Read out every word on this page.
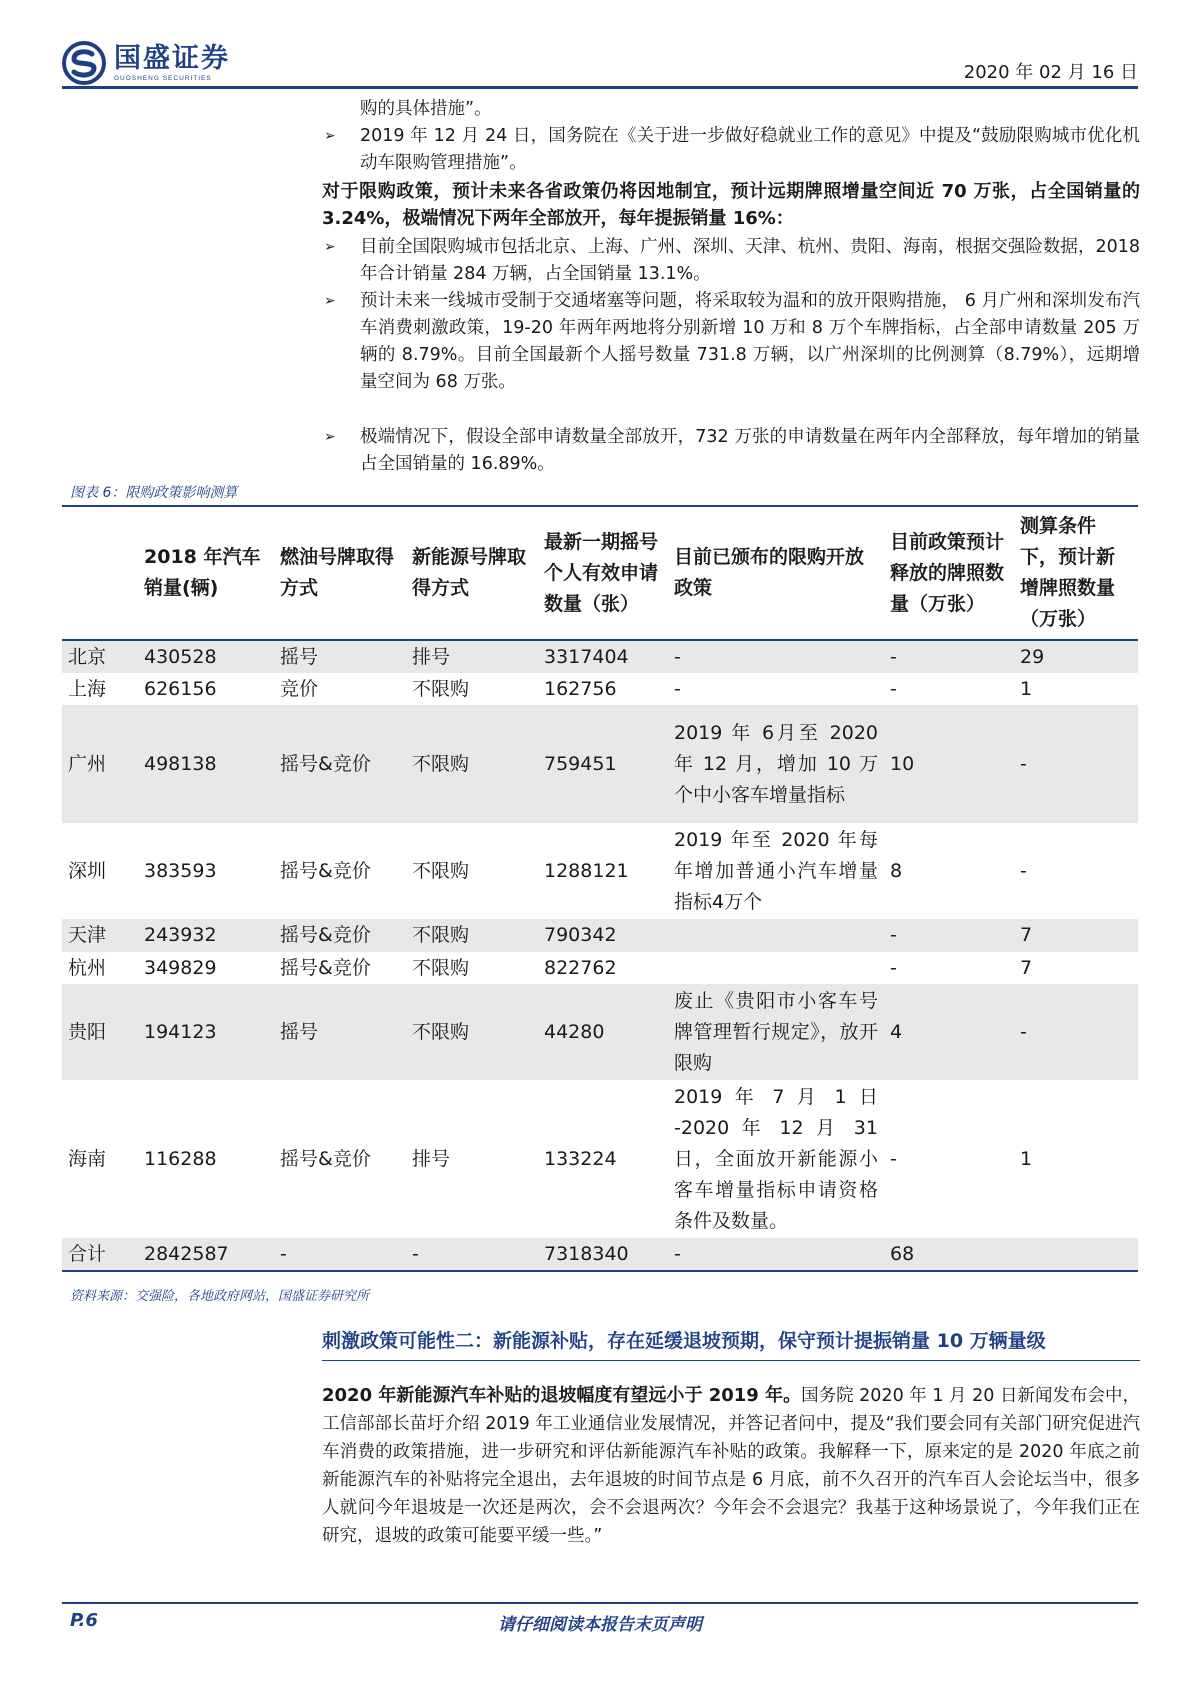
国盛证券
GUOSHENG SECURITIES	2020 年 02 月 16 日
购的具体措施”。
➢ 2019 年 12 月 24 日，国务院在《关于进一步做好稳就业工作的意见》中提及“鼓励限购城市优化机动车限购管理措施”。
对于限购政策，预计未来各省政策仍将因地制宜，预计远期牌照增量空间近 70 万张，占全国销量的 3.24%，极端情况下两年全部放开，每年提振销量 16%：
➢ 目前全国限购城市包括北京、上海、广州、深圳、天津、杭州、贵阳、海南，根据交强险数据，2018 年合计销量 284 万辆，占全国销量 13.1%。
➢ 预计未来一线城市受制于交通堵塞等问题，将采取较为温和的放开限购措施， 6 月广州和深圳发布汽车消费刺激政策，19-20 年两年两地将分别新增 10 万和 8 万个车牌指标，占全部申请数量 205 万辆的 8.79%。目前全国最新个人摇号数量 731.8 万辆，以广州深圳的比例测算（8.79%），远期增量空间为 68 万张。
➢ 极端情况下，假设全部申请数量全部放开，732 万张的申请数量在两年内全部释放，每年增加的销量占全国销量的 16.89%。
图表 6：限购政策影响测算
	2018 年汽车销量(辆)	燃油号牌取得方式	新能源号牌取得方式	最新一期摇号个人有效申请数量（张）	目前已颁布的限购开放政策	目前政策预计释放的牌照数量（万张）	测算条件下，预计新增牌照数量（万张）
北京	430528	摇号	排号	3317404	-	-	29
上海	626156	竞价	不限购	162756	-	-	1
广州	498138	摇号&竞价	不限购	759451	2019 年 6月至 2020 年 12 月，增加 10 万个中小客车增量指标	10	-
深圳	383593	摇号&竞价	不限购	1288121	2019 年至 2020 年每年增加普通小汽车增量指标4万个	8	-
天津	243932	摇号&竞价	不限购	790342		-	7
杭州	349829	摇号&竞价	不限购	822762		-	7
贵阳	194123	摇号	不限购	44280	废止《贵阳市小客车号牌管理暂行规定》，放开限购	4	-
海南	116288	摇号&竞价	排号	133224	2019 年 7 月 1 日 -2020 年 12 月 31 日，全面放开新能源小客车增量指标申请资格条件及数量。	-	1
合计	2842587	-	-	7318340	-	68	
资料来源：交强险，各地政府网站，国盛证券研究所
刺激政策可能性二：新能源补贴，存在延缓退坡预期，保守预计提振销量 10 万辆量级
2020 年新能源汽车补贴的退坡幅度有望远小于 2019 年。国务院 2020 年 1 月 20 日新闻发布会中，工信部部长苗圩介绍 2019 年工业通信业发展情况，并答记者问中，提及“我们要会同有关部门研究促进汽车消费的政策措施，进一步研究和评估新能源汽车补贴的政策。我解释一下，原来定的是 2020 年底之前新能源汽车的补贴将完全退出，去年退坡的时间节点是 6 月底，前不久召开的汽车百人会论坛当中，很多人就问今年退坡是一次还是两次，会不会退两次？今年会不会退完？我基于这种场景说了，今年我们正在研究，退坡的政策可能要平缓一些。”
P.6	请仔细阅读本报告末页声明
